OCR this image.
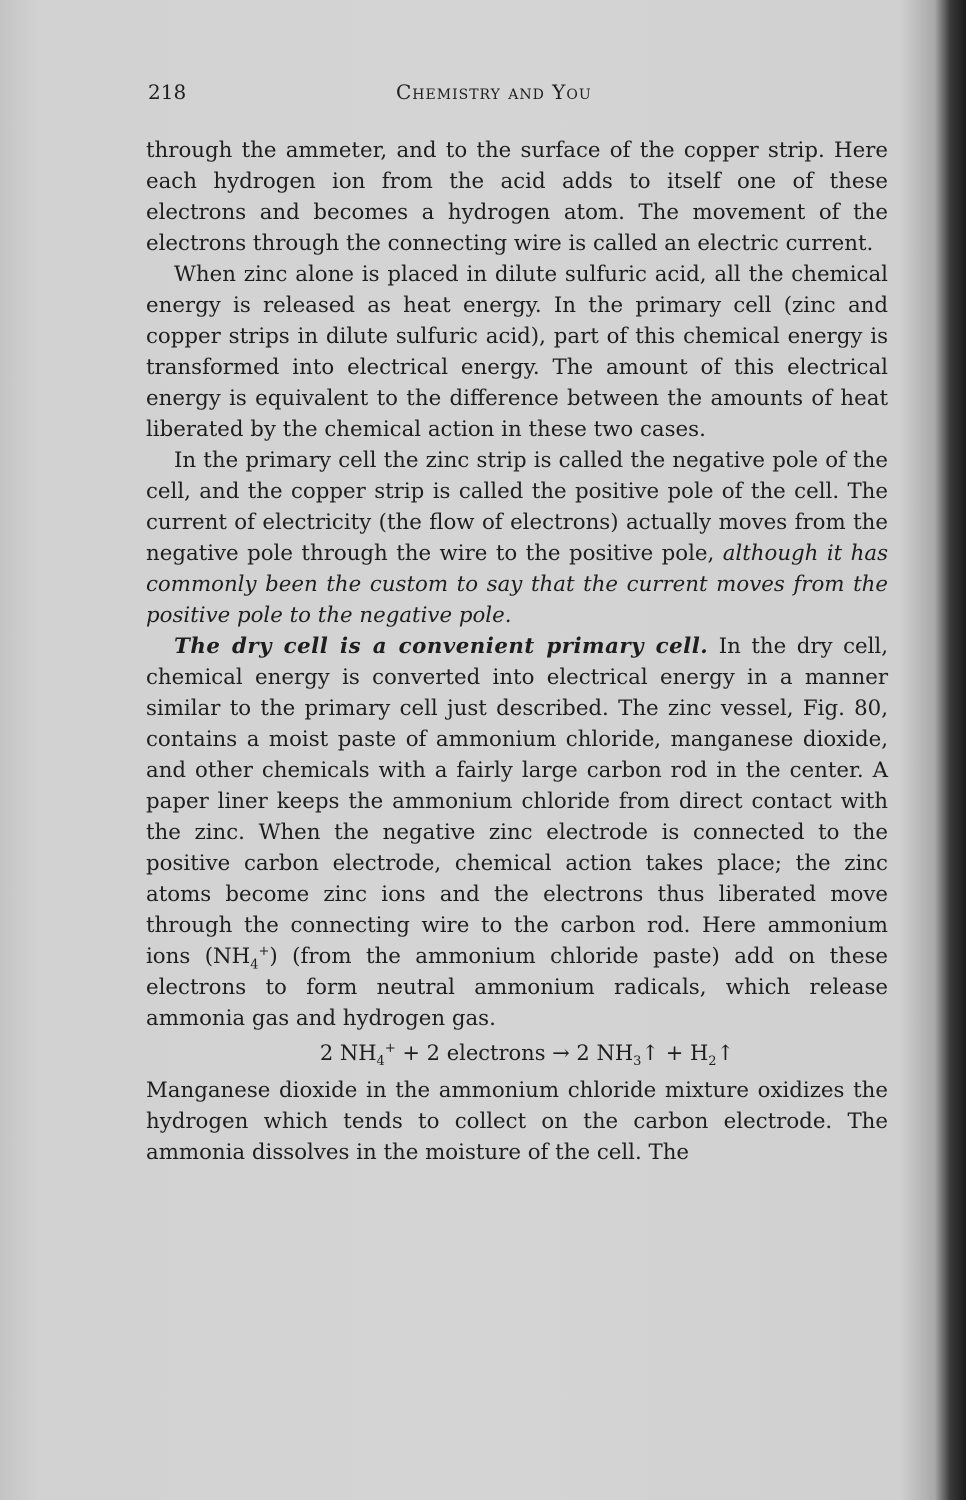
218	Chemistry and You

through the ammeter, and to the surface of the copper strip. Here each hydrogen ion from the acid adds to itself one of these electrons and becomes a hydrogen atom. The movement of the electrons through the connecting wire is called an electric current.

When zinc alone is placed in dilute sulfuric acid, all the chemical energy is released as heat energy. In the primary cell (zinc and copper strips in dilute sulfuric acid), part of this chemical energy is transformed into electrical energy. The amount of this electrical energy is equivalent to the difference between the amounts of heat liberated by the chemical action in these two cases.

In the primary cell the zinc strip is called the negative pole of the cell, and the copper strip is called the positive pole of the cell. The current of electricity (the flow of electrons) actually moves from the negative pole through the wire to the positive pole, although it has commonly been the custom to say that the current moves from the positive pole to the negative pole.

The dry cell is a convenient primary cell. In the dry cell, chemical energy is converted into electrical energy in a manner similar to the primary cell just described. The zinc vessel, Fig. 80, contains a moist paste of ammonium chloride, manganese dioxide, and other chemicals with a fairly large carbon rod in the center. A paper liner keeps the ammonium chloride from direct contact with the zinc. When the negative zinc electrode is connected to the positive carbon electrode, chemical action takes place; the zinc atoms become zinc ions and the electrons thus liberated move through the connecting wire to the carbon rod. Here ammonium ions $(NH_4^+)$ (from the ammonium chloride paste) add on these electrons to form neutral ammonium radicals, which release ammonia gas and hydrogen gas.

2 $NH_4^+ + 2$ electrons → 2 $NH_3↑$ + $H_2↑$

Manganese dioxide in the ammonium chloride mixture oxidizes the hydrogen which tends to collect on the carbon electrode. The ammonia dissolves in the moisture of the cell. The
